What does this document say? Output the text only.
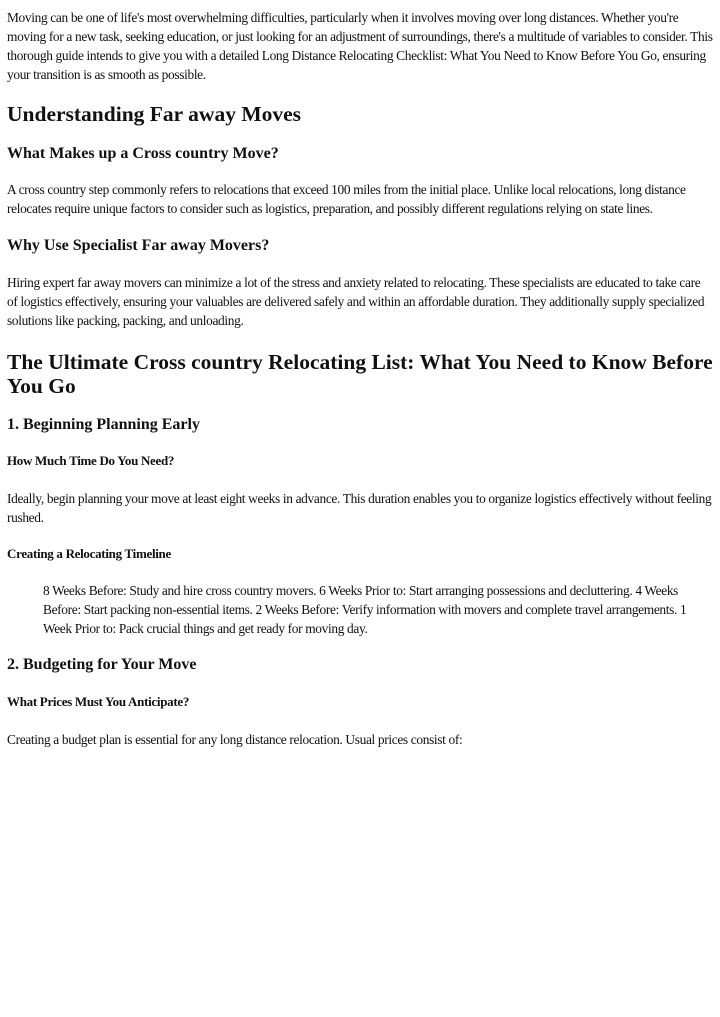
Moving can be one of life's most overwhelming difficulties, particularly when it involves moving over long distances. Whether you're moving for a new task, seeking education, or just looking for an adjustment of surroundings, there's a multitude of variables to consider. This thorough guide intends to give you with a detailed Long Distance Relocating Checklist: What You Need to Know Before You Go, ensuring your transition is as smooth as possible.

Understanding Far away Moves
What Makes up a Cross country Move?

A cross country step commonly refers to relocations that exceed 100 miles from the initial place. Unlike local relocations, long distance relocates require unique factors to consider such as logistics, preparation, and possibly different regulations relying on state lines.

Why Use Specialist Far away Movers?

Hiring expert far away movers can minimize a lot of the stress and anxiety related to relocating. These specialists are educated to take care of logistics effectively, ensuring your valuables are delivered safely and within an affordable duration. They additionally supply specialized solutions like packing, packing, and unloading.

The Ultimate Cross country Relocating List: What You Need to Know Before You Go
1. Beginning Planning Early
How Much Time Do You Need?

Ideally, begin planning your move at least eight weeks in advance. This duration enables you to organize logistics effectively without feeling rushed.

Creating a Relocating Timeline

8 Weeks Before: Study and hire cross country movers. 6 Weeks Prior to: Start arranging possessions and decluttering. 4 Weeks Before: Start packing non-essential items. 2 Weeks Before: Verify information with movers and complete travel arrangements. 1 Week Prior to: Pack crucial things and get ready for moving day.

2. Budgeting for Your Move
What Prices Must You Anticipate?

Creating a budget plan is essential for any long distance relocation. Usual prices consist of:
